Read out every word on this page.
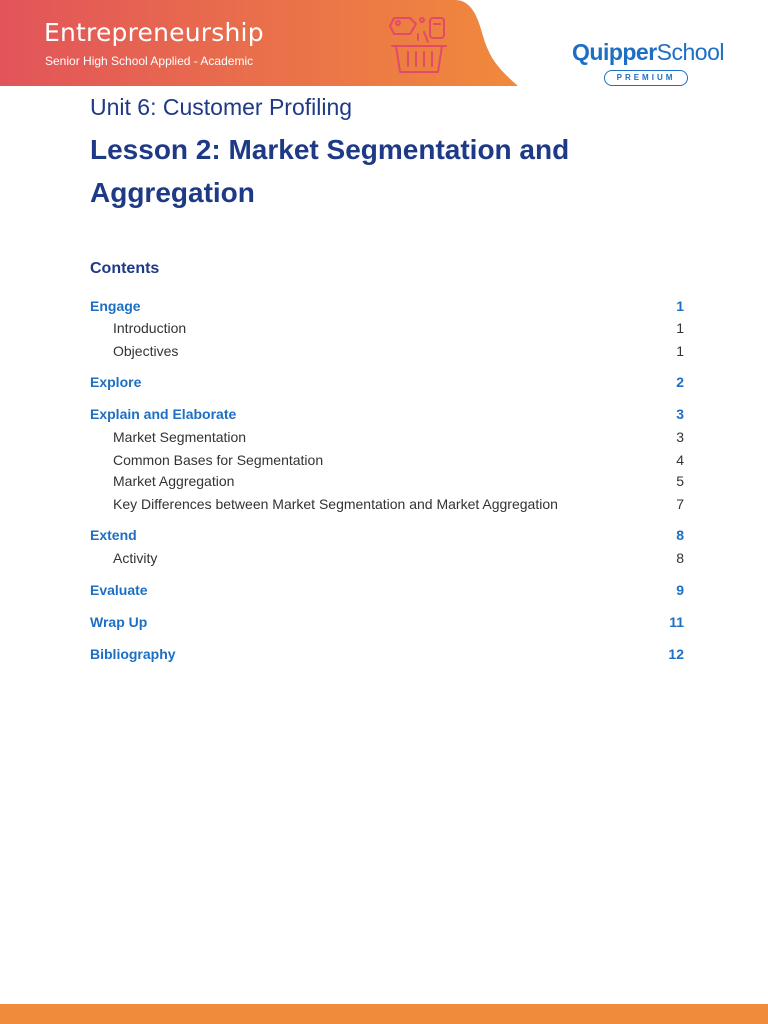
Entrepreneurship
Senior High School Applied - Academic	QuipperSchool
PREMIUM
Unit 6: Customer Profiling
Lesson 2: Market Segmentation and Aggregation
Contents
Engage	1
Introduction	1
Objectives	1
Explore	2
Explain and Elaborate	3
Market Segmentation	3
Common Bases for Segmentation	4
Market Aggregation	5
Key Differences between Market Segmentation and Market Aggregation	7
Extend	8
Activity	8
Evaluate	9
Wrap Up	11
Bibliography	12
